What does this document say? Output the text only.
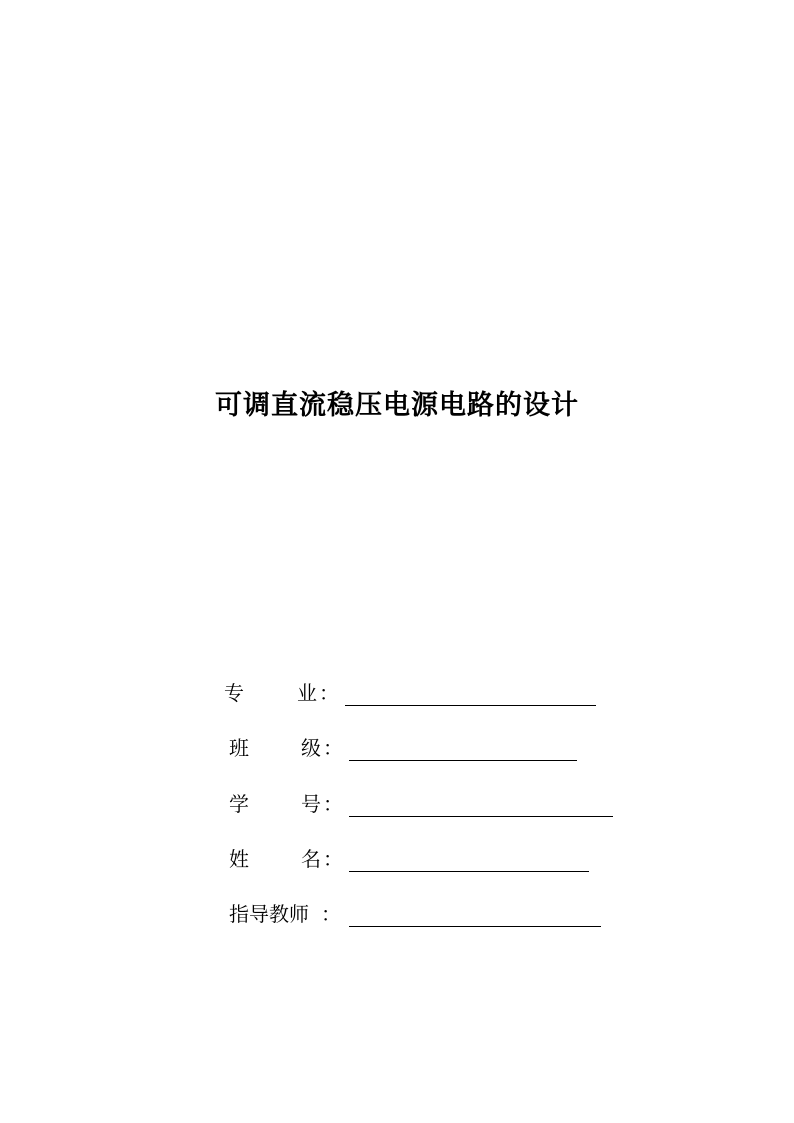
可调直流稳压电源电路的设计
专	业 ：
班	级 ：
学	号 ：
姓	名 ：
指导教师 ：
